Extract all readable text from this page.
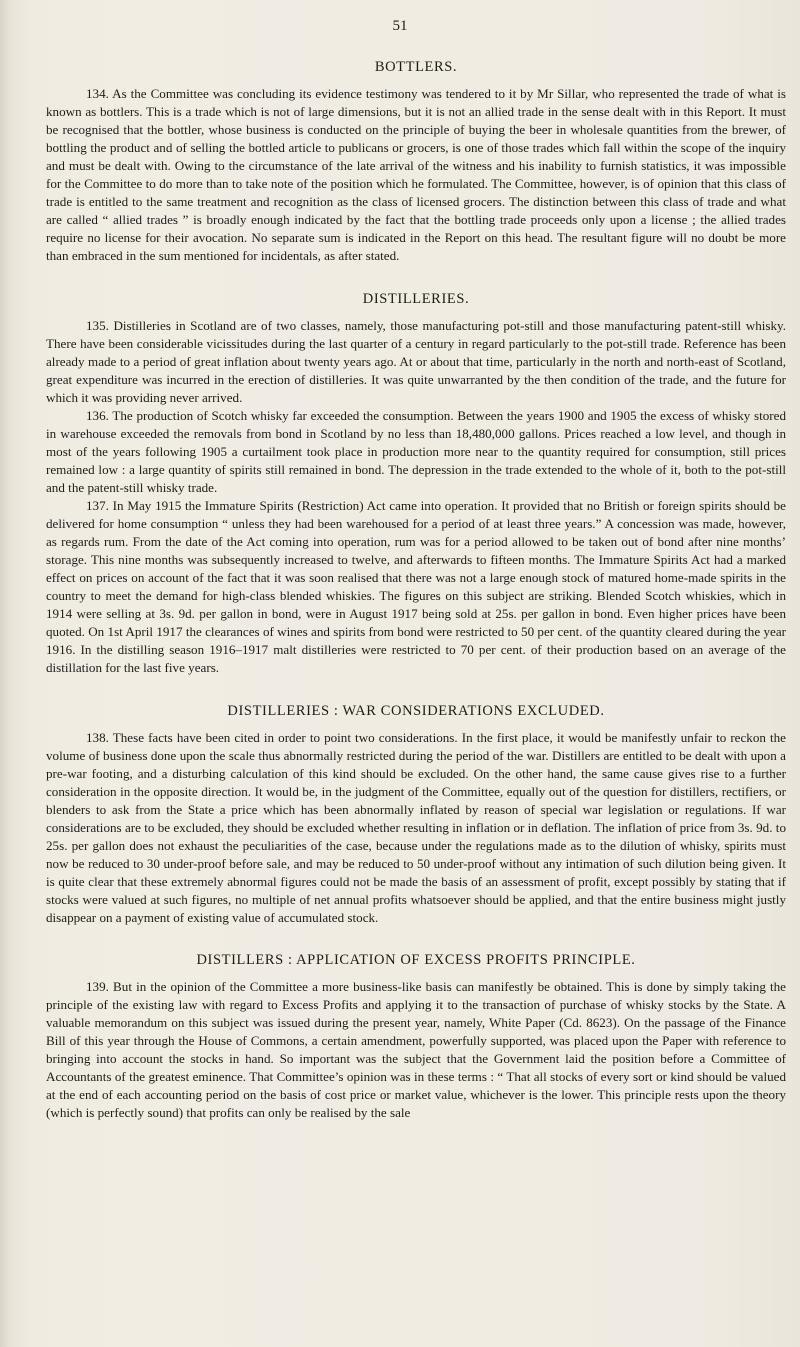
51
BOTTLERS.

134. As the Committee was concluding its evidence testimony was tendered to it by Mr Sillar, who represented the trade of what is known as bottlers. This is a trade which is not of large dimensions, but it is not an allied trade in the sense dealt with in this Report. It must be recognised that the bottler, whose business is conducted on the principle of buying the beer in wholesale quantities from the brewer, of bottling the product and of selling the bottled article to publicans or grocers, is one of those trades which fall within the scope of the inquiry and must be dealt with. Owing to the circumstance of the late arrival of the witness and his inability to furnish statistics, it was impossible for the Committee to do more than to take note of the position which he formulated. The Committee, however, is of opinion that this class of trade is entitled to the same treatment and recognition as the class of licensed grocers. The distinction between this class of trade and what are called “ allied trades ” is broadly enough indicated by the fact that the bottling trade proceeds only upon a license ; the allied trades require no license for their avocation. No separate sum is indicated in the Report on this head. The resultant figure will no doubt be more than embraced in the sum mentioned for incidentals, as after stated.

DISTILLERIES.

135. Distilleries in Scotland are of two classes, namely, those manufacturing pot-still and those manufacturing patent-still whisky. There have been considerable vicissitudes during the last quarter of a century in regard particularly to the pot-still trade. Reference has been already made to a period of great inflation about twenty years ago. At or about that time, particularly in the north and north-east of Scotland, great expenditure was incurred in the erection of distilleries. It was quite unwarranted by the then condition of the trade, and the future for which it was providing never arrived.

136. The production of Scotch whisky far exceeded the consumption. Between the years 1900 and 1905 the excess of whisky stored in warehouse exceeded the removals from bond in Scotland by no less than 18,480,000 gallons. Prices reached a low level, and though in most of the years following 1905 a curtailment took place in production more near to the quantity required for consumption, still prices remained low : a large quantity of spirits still remained in bond. The depression in the trade extended to the whole of it, both to the pot-still and the patent-still whisky trade.

137. In May 1915 the Immature Spirits (Restriction) Act came into operation. It provided that no British or foreign spirits should be delivered for home consumption “ unless they had been warehoused for a period of at least three years.” A concession was made, however, as regards rum. From the date of the Act coming into operation, rum was for a period allowed to be taken out of bond after nine months’ storage. This nine months was subsequently increased to twelve, and afterwards to fifteen months. The Immature Spirits Act had a marked effect on prices on account of the fact that it was soon realised that there was not a large enough stock of matured home-made spirits in the country to meet the demand for high-class blended whiskies. The figures on this subject are striking. Blended Scotch whiskies, which in 1914 were selling at 3s. 9d. per gallon in bond, were in August 1917 being sold at 25s. per gallon in bond. Even higher prices have been quoted. On 1st April 1917 the clearances of wines and spirits from bond were restricted to 50 per cent. of the quantity cleared during the year 1916. In the distilling season 1916–1917 malt distilleries were restricted to 70 per cent. of their production based on an average of the distillation for the last five years.

DISTILLERIES : WAR CONSIDERATIONS EXCLUDED.

138. These facts have been cited in order to point two considerations. In the first place, it would be manifestly unfair to reckon the volume of business done upon the scale thus abnormally restricted during the period of the war. Distillers are entitled to be dealt with upon a pre-war footing, and a disturbing calculation of this kind should be excluded. On the other hand, the same cause gives rise to a further consideration in the opposite direction. It would be, in the judgment of the Committee, equally out of the question for distillers, rectifiers, or blenders to ask from the State a price which has been abnormally inflated by reason of special war legislation or regulations. If war considerations are to be excluded, they should be excluded whether resulting in inflation or in deflation. The inflation of price from 3s. 9d. to 25s. per gallon does not exhaust the peculiarities of the case, because under the regulations made as to the dilution of whisky, spirits must now be reduced to 30 under-proof before sale, and may be reduced to 50 under-proof without any intimation of such dilution being given. It is quite clear that these extremely abnormal figures could not be made the basis of an assessment of profit, except possibly by stating that if stocks were valued at such figures, no multiple of net annual profits whatsoever should be applied, and that the entire business might justly disappear on a payment of existing value of accumulated stock.

DISTILLERS : APPLICATION OF EXCESS PROFITS PRINCIPLE.

139. But in the opinion of the Committee a more business-like basis can manifestly be obtained. This is done by simply taking the principle of the existing law with regard to Excess Profits and applying it to the transaction of purchase of whisky stocks by the State. A valuable memorandum on this subject was issued during the present year, namely, White Paper (Cd. 8623). On the passage of the Finance Bill of this year through the House of Commons, a certain amendment, powerfully supported, was placed upon the Paper with reference to bringing into account the stocks in hand. So important was the subject that the Government laid the position before a Committee of Accountants of the greatest eminence. That Committee’s opinion was in these terms : “ That all stocks of every sort or kind should be valued at the end of each accounting period on the basis of cost price or market value, whichever is the lower. This principle rests upon the theory (which is perfectly sound) that profits can only be realised by the sale
